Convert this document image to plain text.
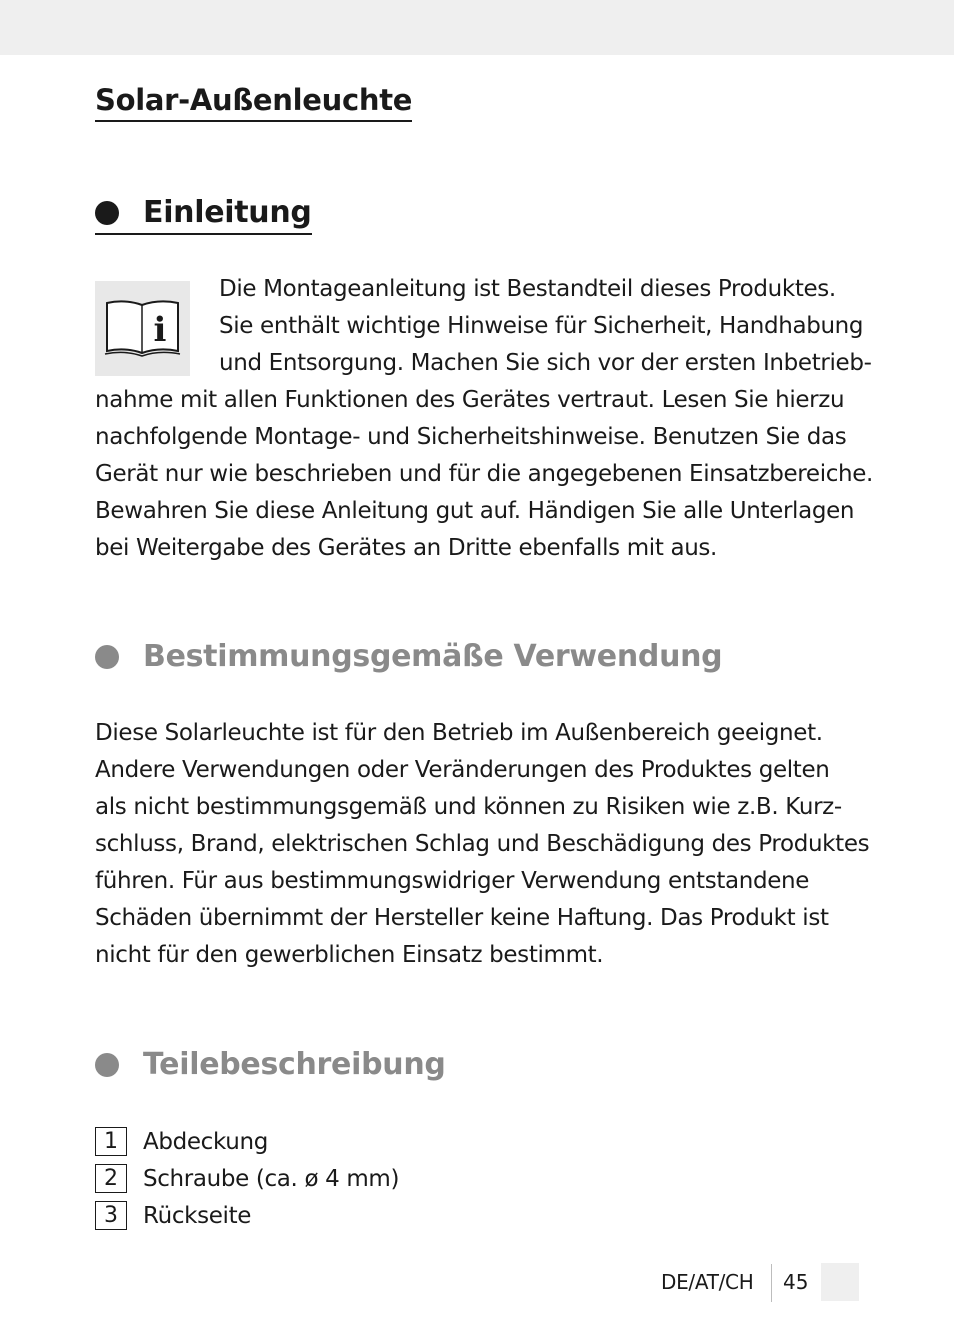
Solar-Außenleuchte
Einleitung
i

Die Montageanleitung ist Bestandteil dieses Produktes.
Sie enthält wichtige Hinweise für Sicherheit, Handhabung
und Entsorgung. Machen Sie sich vor der ersten Inbetrieb-
nahme mit allen Funktionen des Gerätes vertraut. Lesen Sie hierzu
nachfolgende Montage- und Sicherheitshinweise. Benutzen Sie das
Gerät nur wie beschrieben und für die angegebenen Einsatzbereiche.
Bewahren Sie diese Anleitung gut auf. Händigen Sie alle Unterlagen
bei Weitergabe des Gerätes an Dritte ebenfalls mit aus.

Bestimmungsgemäße Verwendung

Diese Solarleuchte ist für den Betrieb im Außenbereich geeignet.
Andere Verwendungen oder Veränderungen des Produktes gelten
als nicht bestimmungsgemäß und können zu Risiken wie z.B. Kurz-
schluss, Brand, elektrischen Schlag und Beschädigung des Produktes
führen. Für aus bestimmungswidriger Verwendung entstandene
Schäden übernimmt der Hersteller keine Haftung. Das Produkt ist
nicht für den gewerblichen Einsatz bestimmt.

Teilebeschreibung
1	Abdeckung
2	Schraube (ca. ø 4 mm)
3	Rückseite
DE/AT/CH 45
